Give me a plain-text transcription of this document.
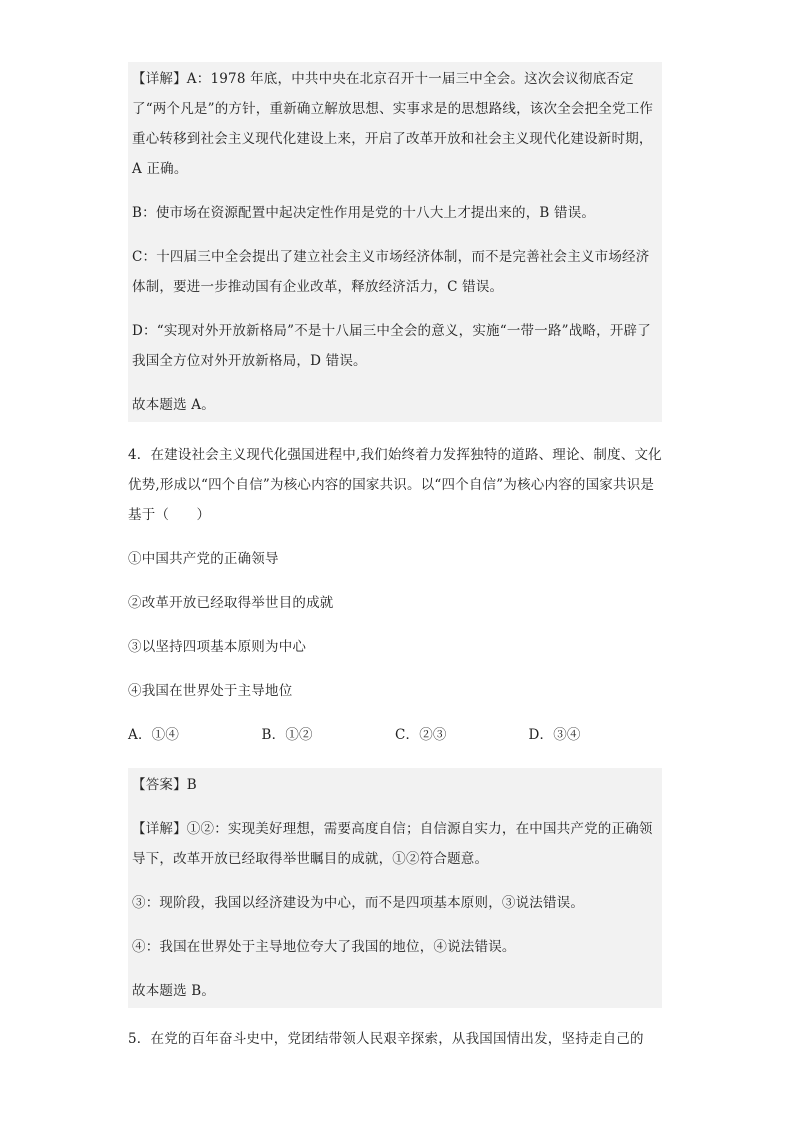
【详解】A：1978 年底，中共中央在北京召开十一届三中全会。这次会议彻底否定了“两个凡是”的方针，重新确立解放思想、实事求是的思想路线，该次全会把全党工作重心转移到社会主义现代化建设上来，开启了改革开放和社会主义现代化建设新时期，A 正确。

B：使市场在资源配置中起决定性作用是党的十八大上才提出来的，B 错误。

C：十四届三中全会提出了建立社会主义市场经济体制，而不是完善社会主义市场经济体制，要进一步推动国有企业改革，释放经济活力，C 错误。

D：“实现对外开放新格局”不是十八届三中全会的意义，实施“一带一路”战略，开辟了我国全方位对外开放新格局，D 错误。

故本题选 A。

4．在建设社会主义现代化强国进程中,我们始终着力发挥独特的道路、理论、制度、文化优势,形成以“四个自信”为核心内容的国家共识。以“四个自信”为核心内容的国家共识是基于（　　）

①中国共产党的正确领导

②改革开放已经取得举世目的成就

③以坚持四项基本原则为中心

④我国在世界处于主导地位

A．①④	B．①②	C．②③	D．③④

【答案】B

【详解】①②：实现美好理想，需要高度自信；自信源自实力，在中国共产党的正确领导下，改革开放已经取得举世瞩目的成就，①②符合题意。

③：现阶段，我国以经济建设为中心，而不是四项基本原则，③说法错误。

④：我国在世界处于主导地位夸大了我国的地位，④说法错误。

故本题选 B。

5．在党的百年奋斗史中，党团结带领人民艰辛探索，从我国国情出发，坚持走自己的
